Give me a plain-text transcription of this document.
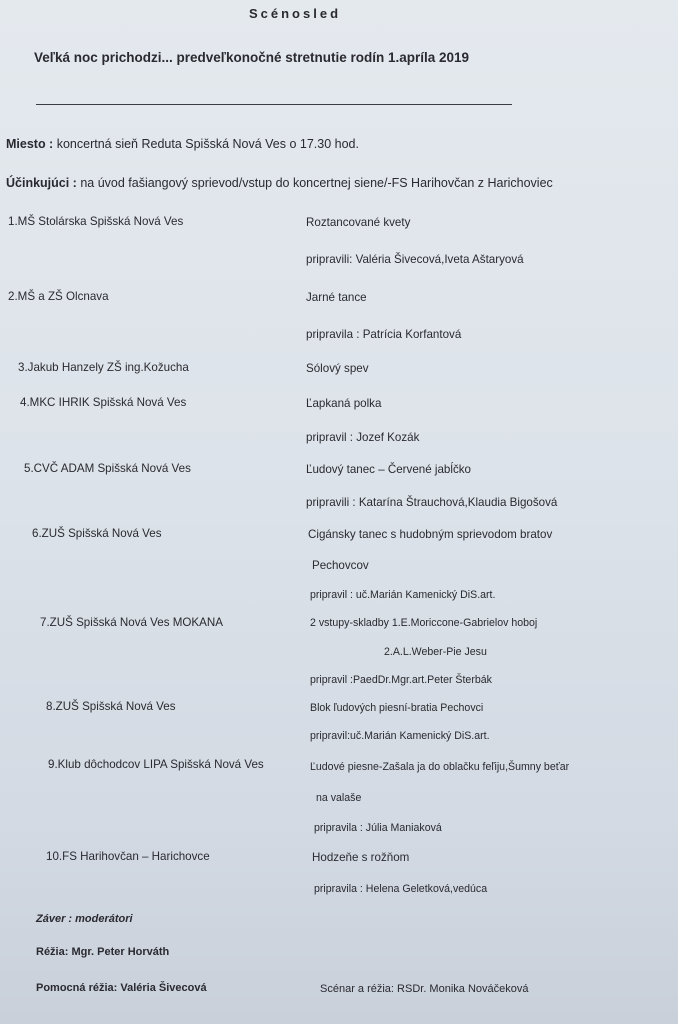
Scénosled
Veľká noc prichodzi... predveľkonočné stretnutie rodín 1.apríla 2019
Miesto : koncertná sieň Reduta Spišská Nová Ves o 17.30 hod.
Účinkujúci : na úvod fašiangový sprievod/vstup do koncertnej siene/-FS Harihovčan z Harichoviec
1.MŠ Stolárska Spišská Nová Ves
2.MŠ a ZŠ Olcnava
3.Jakub Hanzely ZŠ ing.Kožucha
4.MKC IHRIK Spišská Nová Ves
5.CVČ ADAM Spišská Nová Ves
6.ZUŠ Spišská Nová Ves
7.ZUŠ Spišská Nová Ves MOKANA
8.ZUŠ Spišská Nová Ves
9.Klub dôchodcov LIPA Spišská Nová Ves
10.FS Harihovčan – Harichovce
Roztancované kvety
pripravili: Valéria Šivecová,Iveta Aštaryová
Jarné tance
pripravila : Patrícia Korfantová
Sólový spev
Ľapkaná polka
pripravil : Jozef Kozák
Ľudový tanec – Červené jabĺčko
pripravili : Katarína Štrauchová,Klaudia Bigošová
Cigánsky tanec s hudobným sprievodom bratov
Pechovcov
pripravil : uč.Marián Kamenický DiS.art.
2 vstupy-skladby 1.E.Moriccone-Gabrielov hoboj
2.A.L.Weber-Pie Jesu
pripravil :PaedDr.Mgr.art.Peter Šterbák
Blok ľudových piesní-bratia Pechovci
pripravil:uč.Marián Kamenický DiS.art.
Ľudové piesne-Zašala ja do oblačku feľiju,Šumny beťar
na valaše
pripravila : Júlia Maniaková
Hodzeňe s rožňom
pripravila : Helena Geletková,vedúca
Záver : moderátori
Réžia: Mgr. Peter Horváth
Pomocná réžia: Valéria Šivecová	Scénar a réžia: RSDr. Monika Nováčeková
